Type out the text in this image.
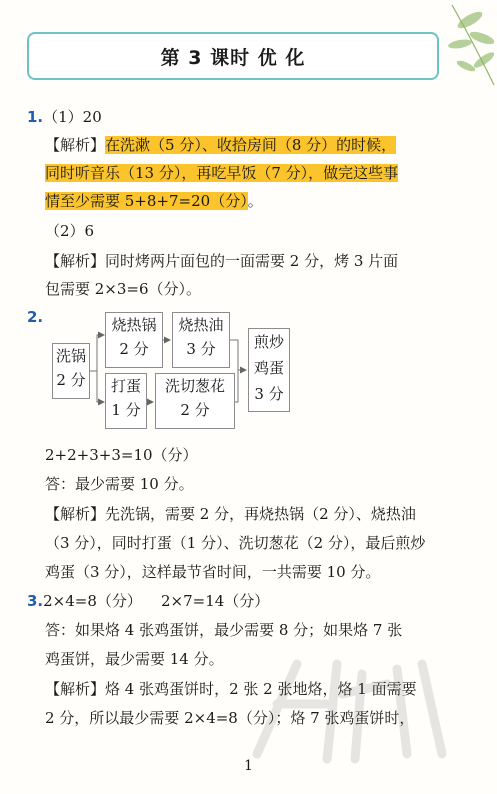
第 3 课时 优 化
1.（1）20
【解析】在洗漱（5 分）、收拾房间（8 分）的时候，
同时听音乐（13 分），再吃早饭（7 分），做完这些事
情至少需要 5+8+7=20（分）。
（2）6
【解析】同时烤两片面包的一面需要 2 分，烤 3 片面
包需要 2×3=6（分）。
2.
洗锅
2 分
烧热锅
2 分
烧热油
3 分	煎炒
鸡蛋
3 分
打蛋
1 分
洗切葱花
2 分
2+2+3+3=10（分）
答：最少需要 10 分。
【解析】先洗锅，需要 2 分，再烧热锅（2 分）、烧热油
（3 分），同时打蛋（1 分）、洗切葱花（2 分），最后煎炒
鸡蛋（3 分），这样最节省时间，一共需要 10 分。
3.2×4=8（分）    2×7=14（分）
答：如果烙 4 张鸡蛋饼，最少需要 8 分；如果烙 7 张
鸡蛋饼，最少需要 14 分。
【解析】烙 4 张鸡蛋饼时，2 张 2 张地烙，烙 1 面需要
2 分，所以最少需要 2×4=8（分）；烙 7 张鸡蛋饼时，
1
